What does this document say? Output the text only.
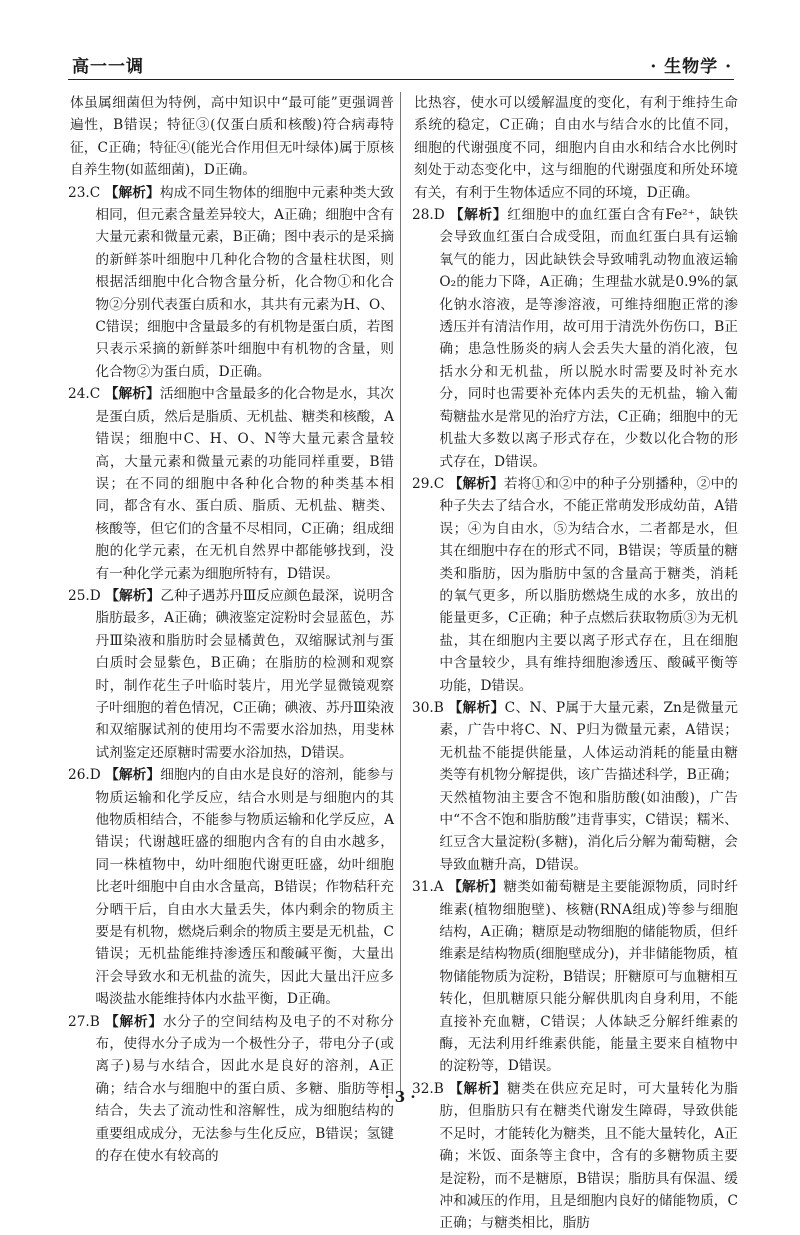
高一一调	· 生物学 ·

体虽属细菌但为特例，高中知识中“最可能”更强调普遍性，B错误；特征③(仅蛋白质和核酸)符合病毒特征，C正确；特征④(能光合作用但无叶绿体)属于原核自养生物(如蓝细菌)，D正确。

23.C 【解析】构成不同生物体的细胞中元素种类大致相同，但元素含量差异较大，A正确；细胞中含有大量元素和微量元素，B正确；图中表示的是采摘的新鲜茶叶细胞中几种化合物的含量柱状图，则根据活细胞中化合物含量分析，化合物①和化合物②分别代表蛋白质和水，其共有元素为H、O、C错误；细胞中含量最多的有机物是蛋白质，若图只表示采摘的新鲜茶叶细胞中有机物的含量，则化合物②为蛋白质，D正确。

24.C 【解析】活细胞中含量最多的化合物是水，其次是蛋白质，然后是脂质、无机盐、糖类和核酸，A错误；细胞中C、H、O、N等大量元素含量较高，大量元素和微量元素的功能同样重要，B错误；在不同的细胞中各种化合物的种类基本相同，都含有水、蛋白质、脂质、无机盐、糖类、核酸等，但它们的含量不尽相同，C正确；组成细胞的化学元素，在无机自然界中都能够找到，没有一种化学元素为细胞所特有，D错误。

25.D 【解析】乙种子遇苏丹Ⅲ反应颜色最深，说明含脂肪最多，A正确；碘液鉴定淀粉时会显蓝色，苏丹Ⅲ染液和脂肪时会显橘黄色，双缩脲试剂与蛋白质时会显紫色，B正确；在脂肪的检测和观察时，制作花生子叶临时装片，用光学显微镜观察子叶细胞的着色情况，C正确；碘液、苏丹Ⅲ染液和双缩脲试剂的使用均不需要水浴加热，用斐林试剂鉴定还原糖时需要水浴加热，D错误。

26.D 【解析】细胞内的自由水是良好的溶剂，能参与物质运输和化学反应，结合水则是与细胞内的其他物质相结合，不能参与物质运输和化学反应，A错误；代谢越旺盛的细胞内含有的自由水越多，同一株植物中，幼叶细胞代谢更旺盛，幼叶细胞比老叶细胞中自由水含量高，B错误；作物秸秆充分晒干后，自由水大量丢失，体内剩余的物质主要是有机物，燃烧后剩余的物质主要是无机盐，C错误；无机盐能维持渗透压和酸碱平衡，大量出汗会导致水和无机盐的流失，因此大量出汗应多喝淡盐水能维持体内水盐平衡，D正确。

27.B 【解析】水分子的空间结构及电子的不对称分布，使得水分子成为一个极性分子，带电分子(或离子)易与水结合，因此水是良好的溶剂，A正确；结合水与细胞中的蛋白质、多糖、脂肪等相结合，失去了流动性和溶解性，成为细胞结构的重要组成成分，无法参与生化反应，B错误；氢键的存在使水有较高的

比热容，使水可以缓解温度的变化，有利于维持生命系统的稳定，C正确；自由水与结合水的比值不同，细胞的代谢强度不同，细胞内自由水和结合水比例时刻处于动态变化中，这与细胞的代谢强度和所处环境有关，有利于生物体适应不同的环境，D正确。

28.D 【解析】红细胞中的血红蛋白含有Fe²⁺，缺铁会导致血红蛋白合成受阻，而血红蛋白具有运输氧气的能力，因此缺铁会导致哺乳动物血液运输O₂的能力下降，A正确；生理盐水就是0.9%的氯化钠水溶液，是等渗溶液，可维持细胞正常的渗透压并有清洁作用，故可用于清洗外伤伤口，B正确；患急性肠炎的病人会丢失大量的消化液，包括水分和无机盐，所以脱水时需要及时补充水分，同时也需要补充体内丢失的无机盐，输入葡萄糖盐水是常见的治疗方法，C正确；细胞中的无机盐大多数以离子形式存在，少数以化合物的形式存在，D错误。

29.C 【解析】若将①和②中的种子分别播种，②中的种子失去了结合水，不能正常萌发形成幼苗，A错误；④为自由水，⑤为结合水，二者都是水，但其在细胞中存在的形式不同，B错误；等质量的糖类和脂肪，因为脂肪中氢的含量高于糖类，消耗的氧气更多，所以脂肪燃烧生成的水多，放出的能量更多，C正确；种子点燃后获取物质③为无机盐，其在细胞内主要以离子形式存在，且在细胞中含量较少，具有维持细胞渗透压、酸碱平衡等功能，D错误。

30.B 【解析】C、N、P属于大量元素，Zn是微量元素，广告中将C、N、P归为微量元素，A错误；无机盐不能提供能量，人体运动消耗的能量由糖类等有机物分解提供，该广告描述科学，B正确；天然植物油主要含不饱和脂肪酸(如油酸)，广告中“不含不饱和脂肪酸”违背事实，C错误；糯米、红豆含大量淀粉(多糖)，消化后分解为葡萄糖，会导致血糖升高，D错误。

31.A 【解析】糖类如葡萄糖是主要能源物质，同时纤维素(植物细胞壁)、核糖(RNA组成)等参与细胞结构，A正确；糖原是动物细胞的储能物质，但纤维素是结构物质(细胞壁成分)，并非储能物质，植物储能物质为淀粉，B错误；肝糖原可与血糖相互转化，但肌糖原只能分解供肌肉自身利用，不能直接补充血糖，C错误；人体缺乏分解纤维素的酶，无法利用纤维素供能，能量主要来自植物中的淀粉等，D错误。

32.B 【解析】糖类在供应充足时，可大量转化为脂肪，但脂肪只有在糖类代谢发生障碍，导致供能不足时，才能转化为糖类，且不能大量转化，A正确；米饭、面条等主食中，含有的多糖物质主要是淀粉，而不是糖原，B错误；脂肪具有保温、缓冲和减压的作用，且是细胞内良好的储能物质，C正确；与糖类相比，脂肪

· 3 ·
